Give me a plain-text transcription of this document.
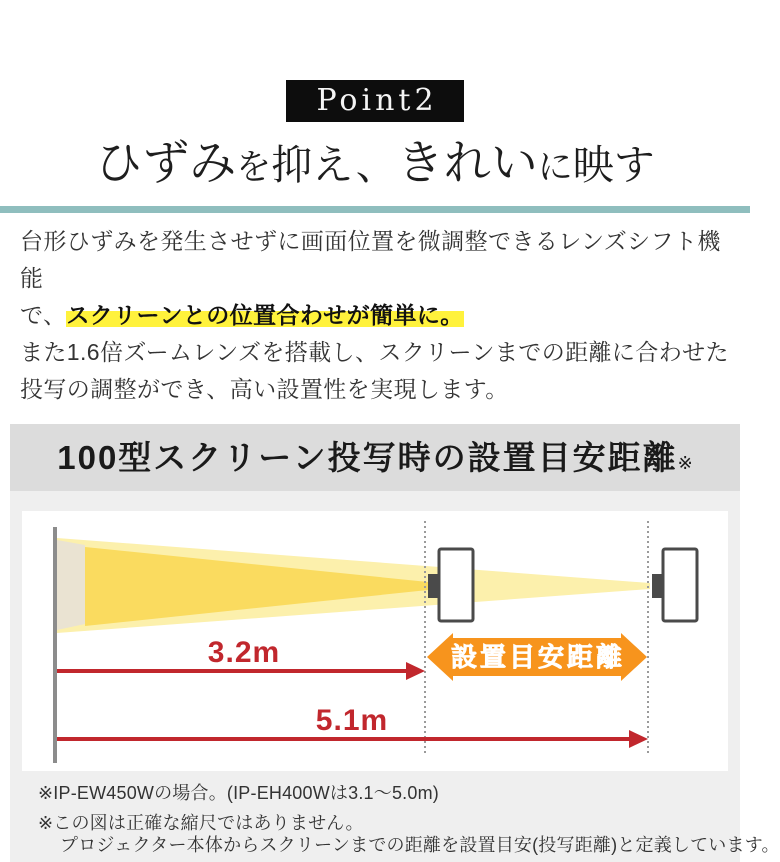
Point2
ひずみを抑え、きれいに映す

台形ひずみを発生させずに画面位置を微調整できるレンズシフト機能
で、スクリーンとの位置合わせが簡単に。
また1.6倍ズームレンズを搭載し、スクリーンまでの距離に合わせた
投写の調整ができ、高い設置性を実現します。

100型スクリーン投写時の設置目安距離※
3.2m
5.1m
設置目安距離
※IP-EW450Wの場合。(IP-EH400Wは3.1〜5.0m)
※この図は正確な縮尺ではありません。
プロジェクター本体からスクリーンまでの距離を設置目安(投写距離)と定義しています。
